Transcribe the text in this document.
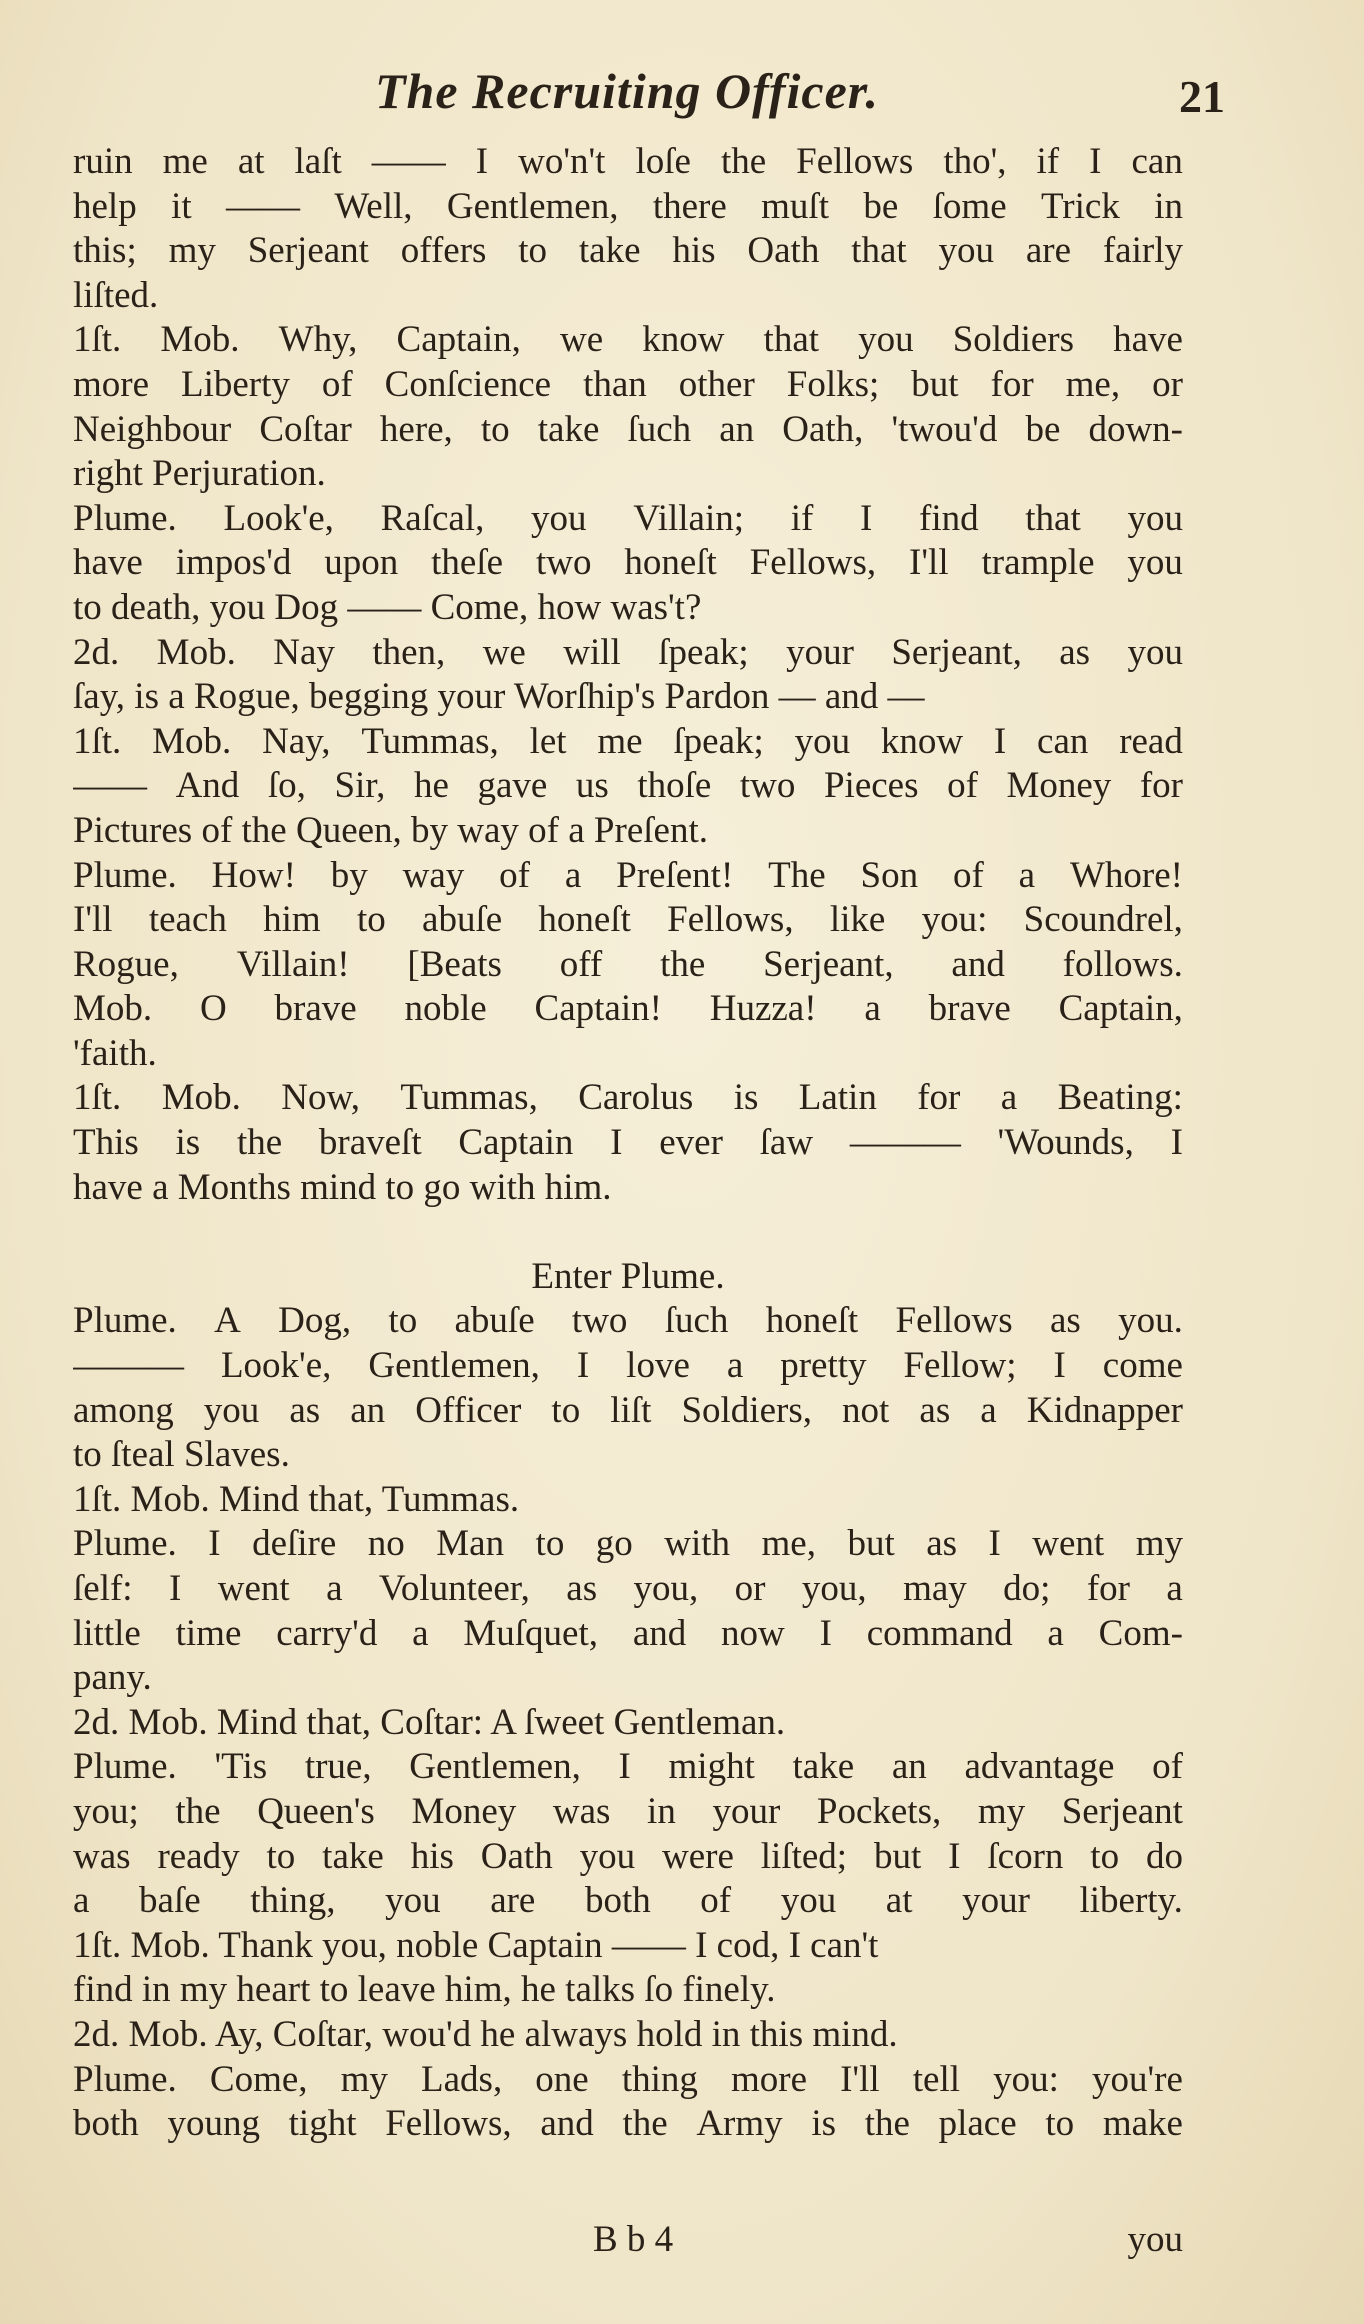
The Recruiting Officer.	21
ruin me at laſt —— I wo'n't loſe the Fellows tho', if I can
help it —— Well, Gentlemen, there muſt be ſome Trick in
this; my Serjeant offers to take his Oath that you are fairly
liſted.
1ſt. Mob. Why, Captain, we know that you Soldiers have
more Liberty of Conſcience than other Folks; but for me, or
Neighbour Coſtar here, to take ſuch an Oath, 'twou'd be down-
right Perjuration.
Plume. Look'e, Raſcal, you Villain; if I find that you
have impos'd upon theſe two honeſt Fellows, I'll trample you
to death, you Dog —— Come, how was't?
2d. Mob. Nay then, we will ſpeak; your Serjeant, as you
ſay, is a Rogue, begging your Worſhip's Pardon — and —
1ſt. Mob. Nay, Tummas, let me ſpeak; you know I can read
—— And ſo, Sir, he gave us thoſe two Pieces of Money for
Pictures of the Queen, by way of a Preſent.
Plume. How! by way of a Preſent! The Son of a Whore!
I'll teach him to abuſe honeſt Fellows, like you: Scoundrel,
Rogue, Villain! [Beats off the Serjeant, and follows.
Mob. O brave noble Captain! Huzza! a brave Captain,
'faith.
1ſt. Mob. Now, Tummas, Carolus is Latin for a Beating:
This is the braveſt Captain I ever ſaw ——— 'Wounds, I
have a Months mind to go with him.
Enter Plume.
Plume. A Dog, to abuſe two ſuch honeſt Fellows as you.
——— Look'e, Gentlemen, I love a pretty Fellow; I come
among you as an Officer to liſt Soldiers, not as a Kidnapper
to ſteal Slaves.
1ſt. Mob. Mind that, Tummas.
Plume. I deſire no Man to go with me, but as I went my
ſelf: I went a Volunteer, as you, or you, may do; for a
little time carry'd a Muſquet, and now I command a Com-
pany.
2d. Mob. Mind that, Coſtar: A ſweet Gentleman.
Plume. 'Tis true, Gentlemen, I might take an advantage of
you; the Queen's Money was in your Pockets, my Serjeant
was ready to take his Oath you were liſted; but I ſcorn to do
a baſe thing, you are both of you at your liberty.
1ſt. Mob. Thank you, noble Captain —— I cod, I can't
find in my heart to leave him, he talks ſo finely.
2d. Mob. Ay, Coſtar, wou'd he always hold in this mind.
Plume. Come, my Lads, one thing more I'll tell you: you're
both young tight Fellows, and the Army is the place to make
B b 4	you
